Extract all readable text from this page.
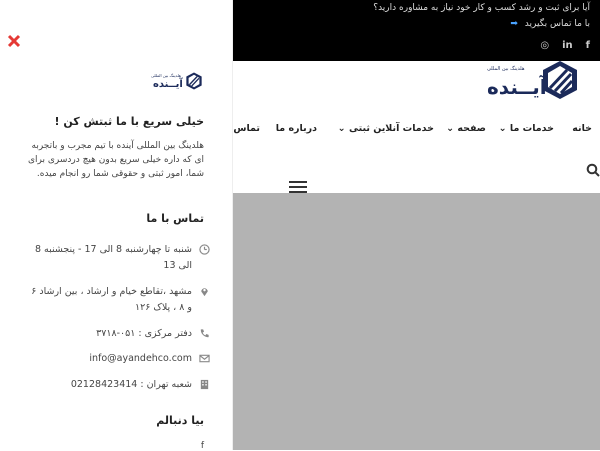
آیا برای ثبت و رشد کسب و کار خود نیاز به مشاوره دارید؟
با ما تماس بگیرید ➡
◎ in f
هلدینگ بین المللی
آیــنده
خانه
خدمات ما ⌄
صفحه ⌄
خدمات آنلاین ثبتی ⌄
درباره ما
تماس
هلدینگ بین المللی
آیــنده
خیلی سریع با ما ثبتش کن !
هلدینگ بین المللی آینده با تیم مجرب و باتجربه ای که داره خیلی سریع بدون هیچ دردسری برای شما، امور ثبتی و حقوقی شما رو انجام میده.
تماس با ما
شنبه تا چهارشنبه 8 الی 17 - پنجشنبه 8 الی 13
مشهد ،تقاطع خیام و ارشاد ، بین ارشاد ۶ و ۸ ، پلاک ۱۲۶
دفتر مرکزی : ۰۵۱-۳۷۱۸
info@ayandehco.com
شعبه تهران : 02128423414
بیا دنبالم
f
